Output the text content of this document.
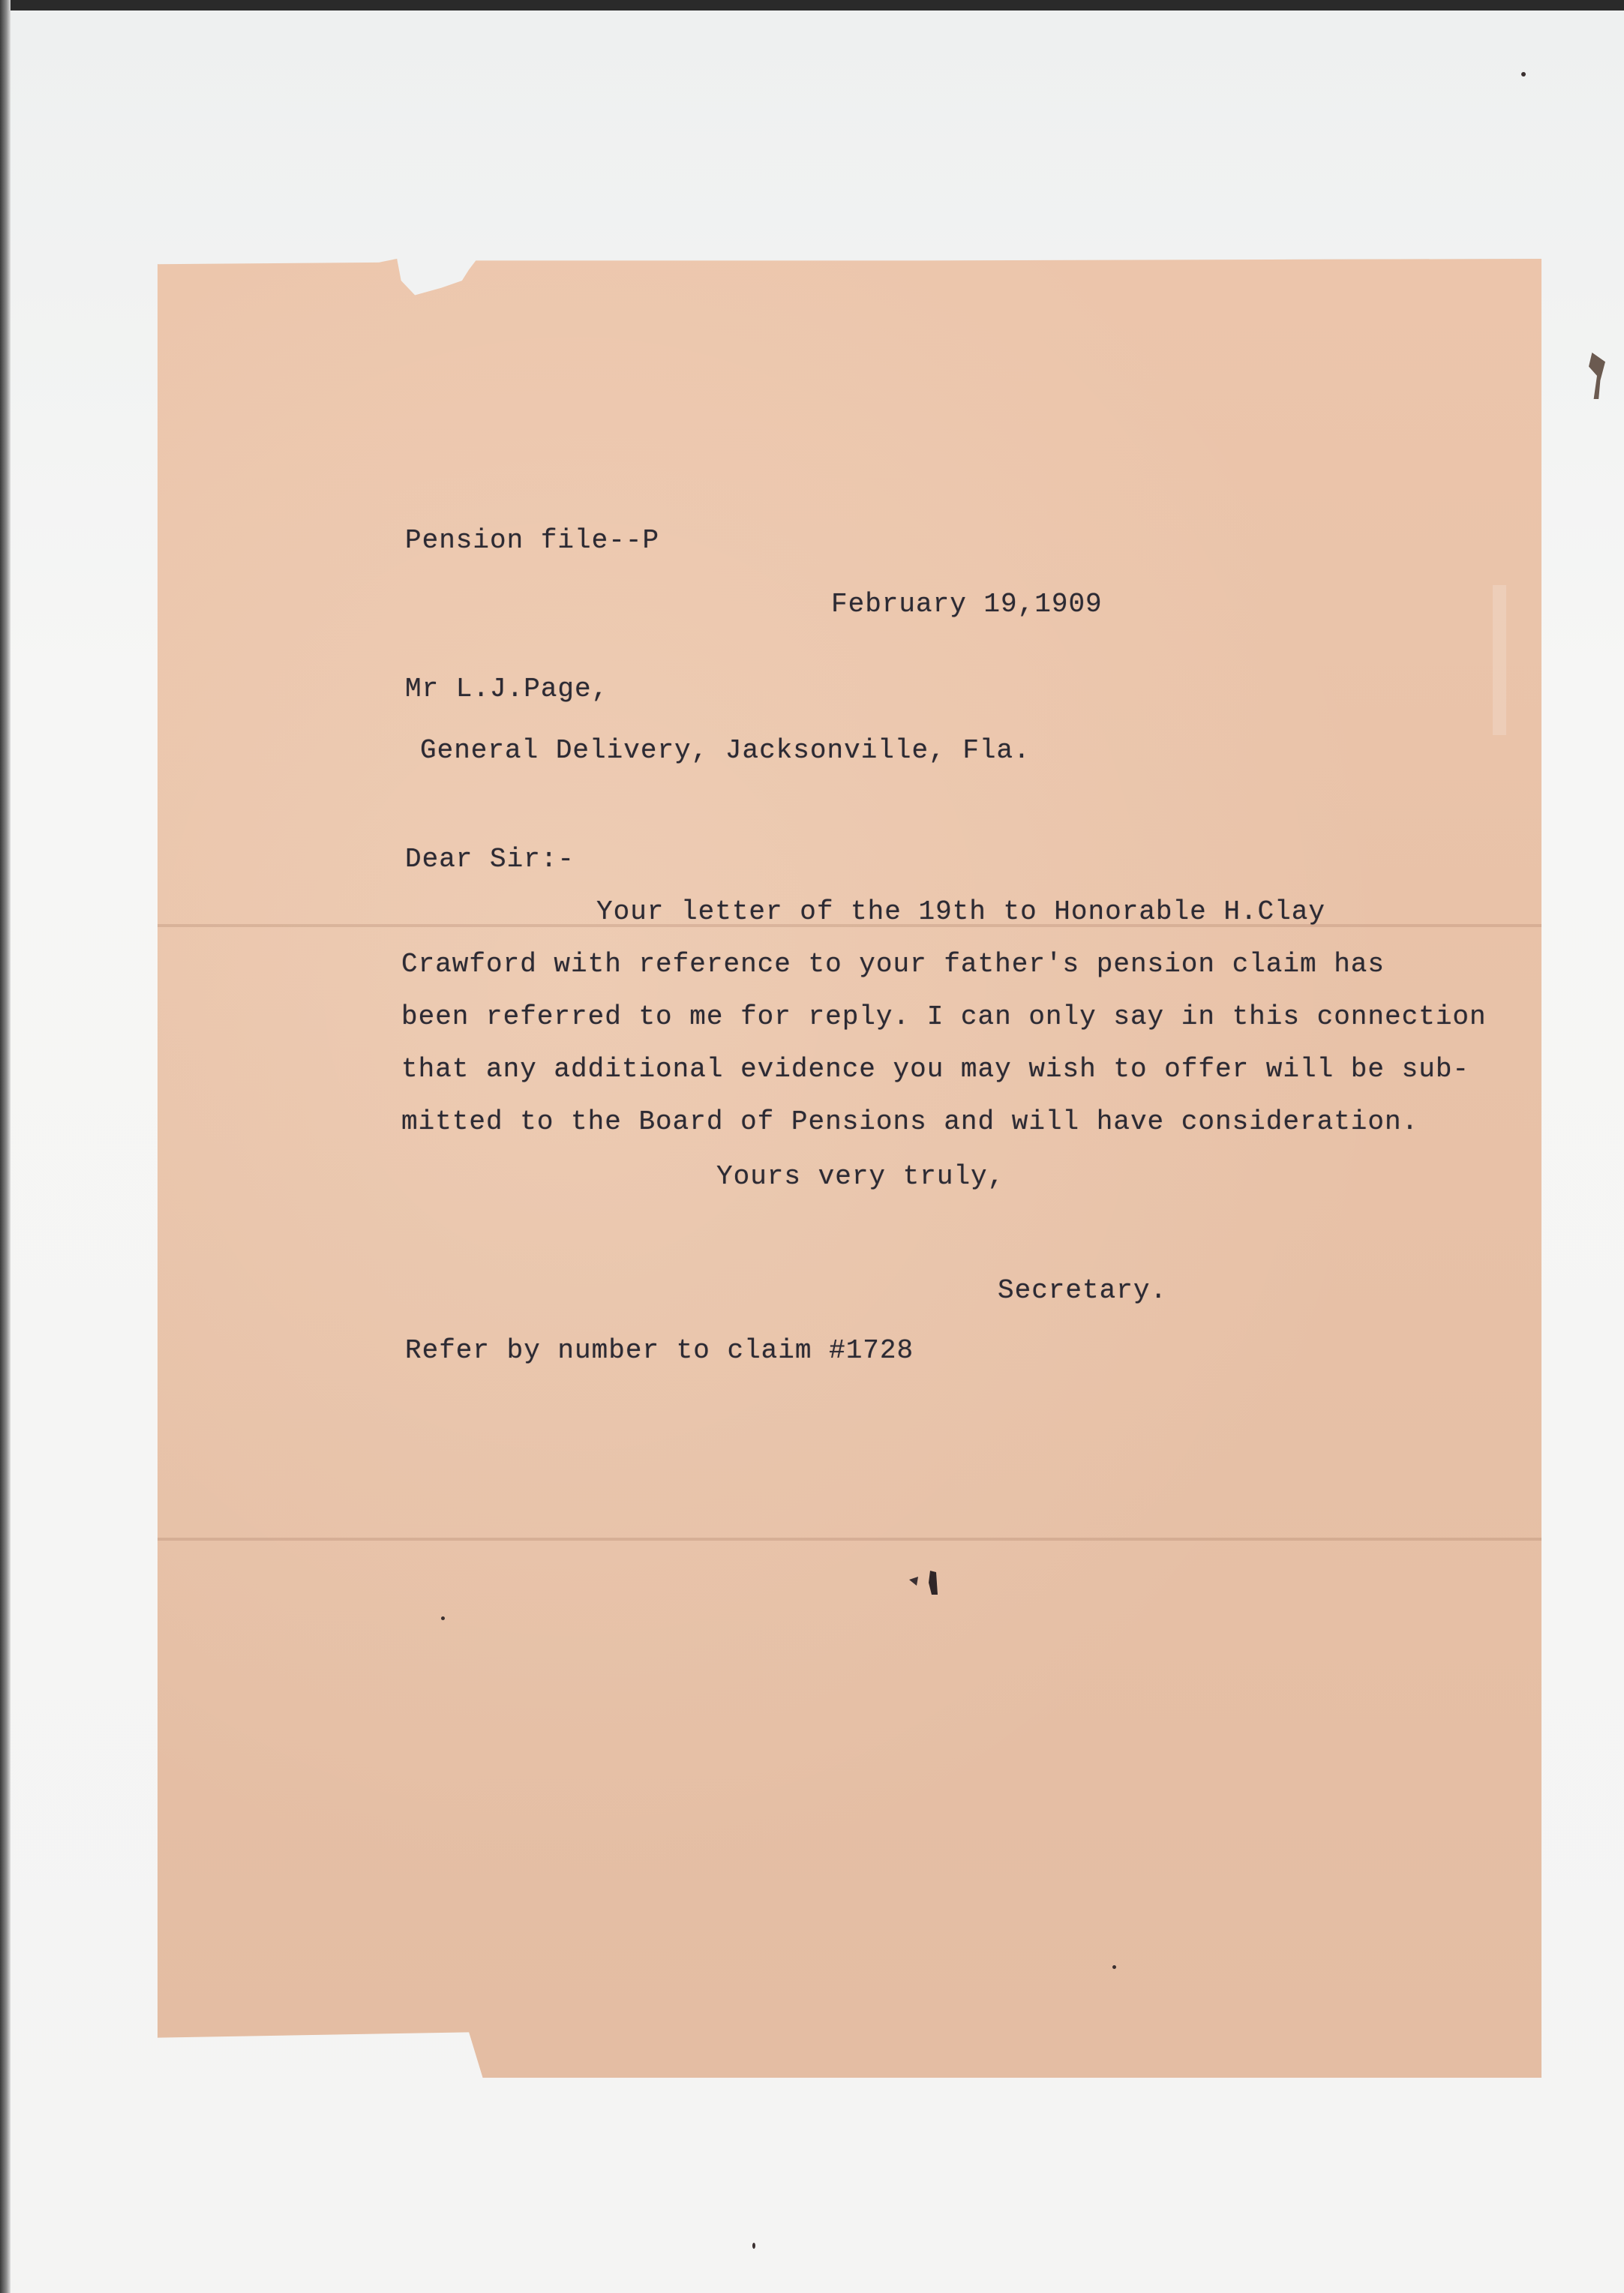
Pension file--P
February 19,1909
Mr L.J.Page,
General Delivery, Jacksonville, Fla.
Dear Sir:-
Your letter of the 19th to Honorable H.Clay
Crawford with reference to your father's pension claim has
been referred to me for reply. I can only say in this connection
that any additional evidence you may wish to offer will be sub-
mitted to the Board of Pensions and will have consideration.
Yours very truly,
Secretary.
Refer by number to claim #1728
